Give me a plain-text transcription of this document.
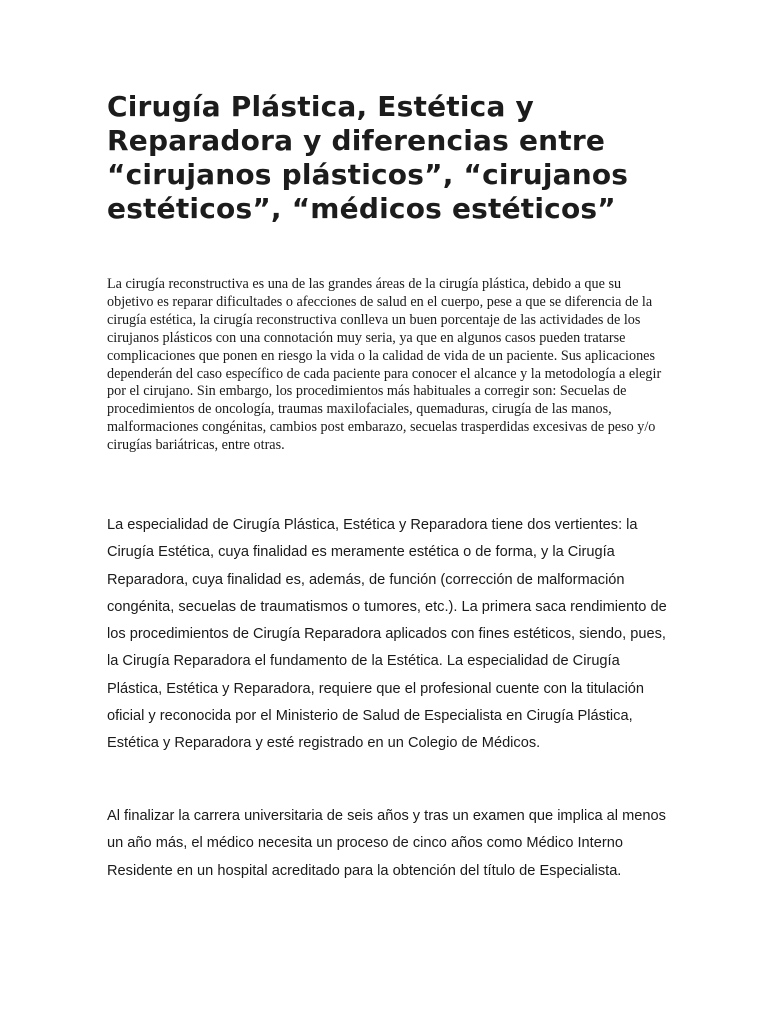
Cirugía Plástica, Estética y Reparadora y diferencias entre “cirujanos plásticos”, “cirujanos estéticos”, “médicos estéticos”

La cirugía reconstructiva es una de las grandes áreas de la cirugía plástica, debido a que su objetivo es reparar dificultades o afecciones de salud en el cuerpo, pese a que se diferencia de la cirugía estética, la cirugía reconstructiva conlleva un buen porcentaje de las actividades de los cirujanos plásticos con una connotación muy seria, ya que en algunos casos pueden tratarse complicaciones que ponen en riesgo la vida o la calidad de vida de un paciente. Sus aplicaciones dependerán del caso específico de cada paciente para conocer el alcance y la metodología a elegir por el cirujano. Sin embargo, los procedimientos más habituales a corregir son: Secuelas de procedimientos de oncología, traumas maxilofaciales, quemaduras, cirugía de las manos, malformaciones congénitas, cambios post embarazo, secuelas trasperdidas excesivas de peso y/o cirugías bariátricas, entre otras.

La especialidad de Cirugía Plástica, Estética y Reparadora tiene dos vertientes: la Cirugía Estética, cuya finalidad es meramente estética o de forma, y la Cirugía Reparadora, cuya finalidad es, además, de función (corrección de malformación congénita, secuelas de traumatismos o tumores, etc.). La primera saca rendimiento de los procedimientos de Cirugía Reparadora aplicados con fines estéticos, siendo, pues, la Cirugía Reparadora el fundamento de la Estética. La especialidad de Cirugía Plástica, Estética y Reparadora, requiere que el profesional cuente con la titulación oficial y reconocida por el Ministerio de Salud de Especialista en Cirugía Plástica, Estética y Reparadora y esté registrado en un Colegio de Médicos.

Al finalizar la carrera universitaria de seis años y tras un examen que implica al menos un año más, el médico necesita un proceso de cinco años como Médico Interno Residente en un hospital acreditado para la obtención del título de Especialista.
